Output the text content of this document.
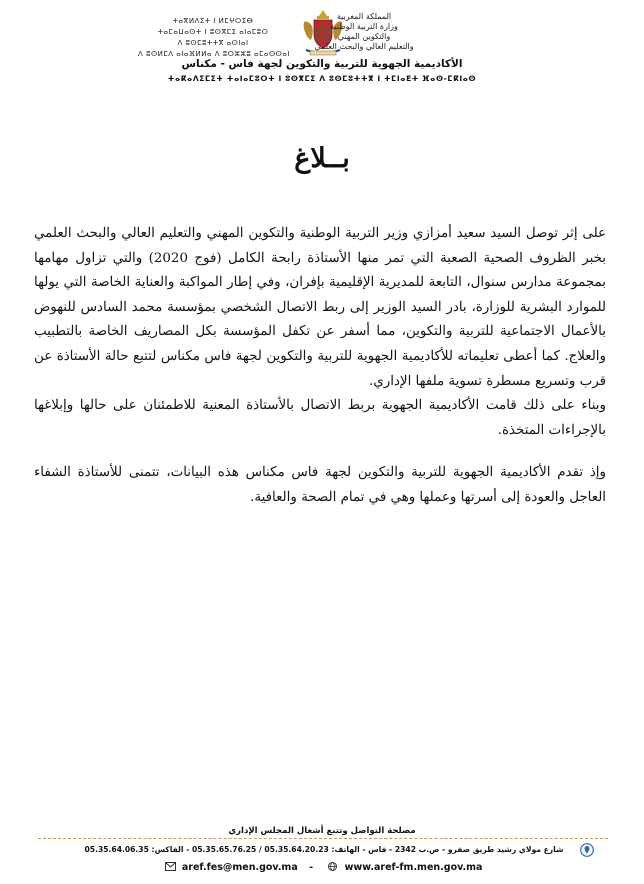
ⵜⴰⴳⵍⴷⵉⵜ ⵏ ⵍⵎⵖⵔⵉⴱ
ⵜⴰⵎⴰⵡⴰⵙⵜ ⵏ ⵓⵙⴳⵎⵉ ⴰⵏⴰⵎⵓⵔ
ⴷ ⵓⵙⵎⵓⵜⵜⴳ ⴰⵙⵏⴰⵏ
ⴷ ⵓⵙⵍⵎⴷ ⴰⵏⴰⴼⵍⵍⴰ ⴷ ⵓⵔⵣⵣⵓ ⴰⵎⴰⵙⵙⴰⵏ
المملكة المغربية
وزارة التربية الوطنية
والتكوين المهني
والتعليم العالي والبحث العلمي
الأكاديمية الجهوية للتربية والتكوين لجهة فاس - مكناس
ⵜⴰⴽⴰⴷⵉⵎⵉⵜ ⵜⴰⵏⴰⵎⵓⵔⵜ ⵏ ⵓⵙⴳⵎⵉ ⴷ ⵓⵙⵎⵓⵜⵜⴳ ⵏ ⵜⵎⵏⴰⴹⵜ ⴼⴰⵙ-ⵎⴽⵏⴰⵙ
بــلاغ

على إثر توصل السيد سعيد أمزازي وزير التربية الوطنية والتكوين المهني والتعليم العالي والبحث العلمي بخبر الظروف الصحية الصعبة التي تمر منها الأستاذة رابحة الكامل (فوج 2020) والتي تزاول مهامها بمجموعة مدارس سنوال، التابعة للمديرية الإقليمية بإفران، وفي إطار المواكبة والعناية الخاصة التي يولها للموارد البشرية للوزارة، بادر السيد الوزير إلى ربط الاتصال الشخصي بمؤسسة محمد السادس للنهوض بالأعمال الاجتماعية للتربية والتكوين، مما أسفر عن تكفل المؤسسة بكل المصاريف الخاصة بالتطبيب والعلاج. كما أعطى تعليماته للأكاديمية الجهوية للتربية والتكوين لجهة فاس مكناس لتتبع حالة الأستاذة عن قرب وتسريع مسطرة تسوية ملفها الإداري.

وبناء على ذلك قامت الأكاديمية الجهوية بربط الاتصال بالأستاذة المعنية للاطمئنان على حالها وإبلاغها بالإجراءات المتخذة.

وإذ تقدم الأكاديمية الجهوية للتربية والتكوين لجهة فاس مكناس هذه البيانات، تتمنى للأستاذة الشفاء العاجل والعودة إلى أسرتها وعملها وهي في تمام الصحة والعافية.

مصلحة التواصل وتتبع أشغال المجلس الإداري
شارع مولاي رشيد طريق صفرو - ص.ب 2342 - فاس - الهاتف: 05.35.64.20.23 / 05.35.65.76.25 - الفاكس: 05.35.64.06.35
aref.fes@men.gov.ma -	www.aref-fm.men.gov.ma
